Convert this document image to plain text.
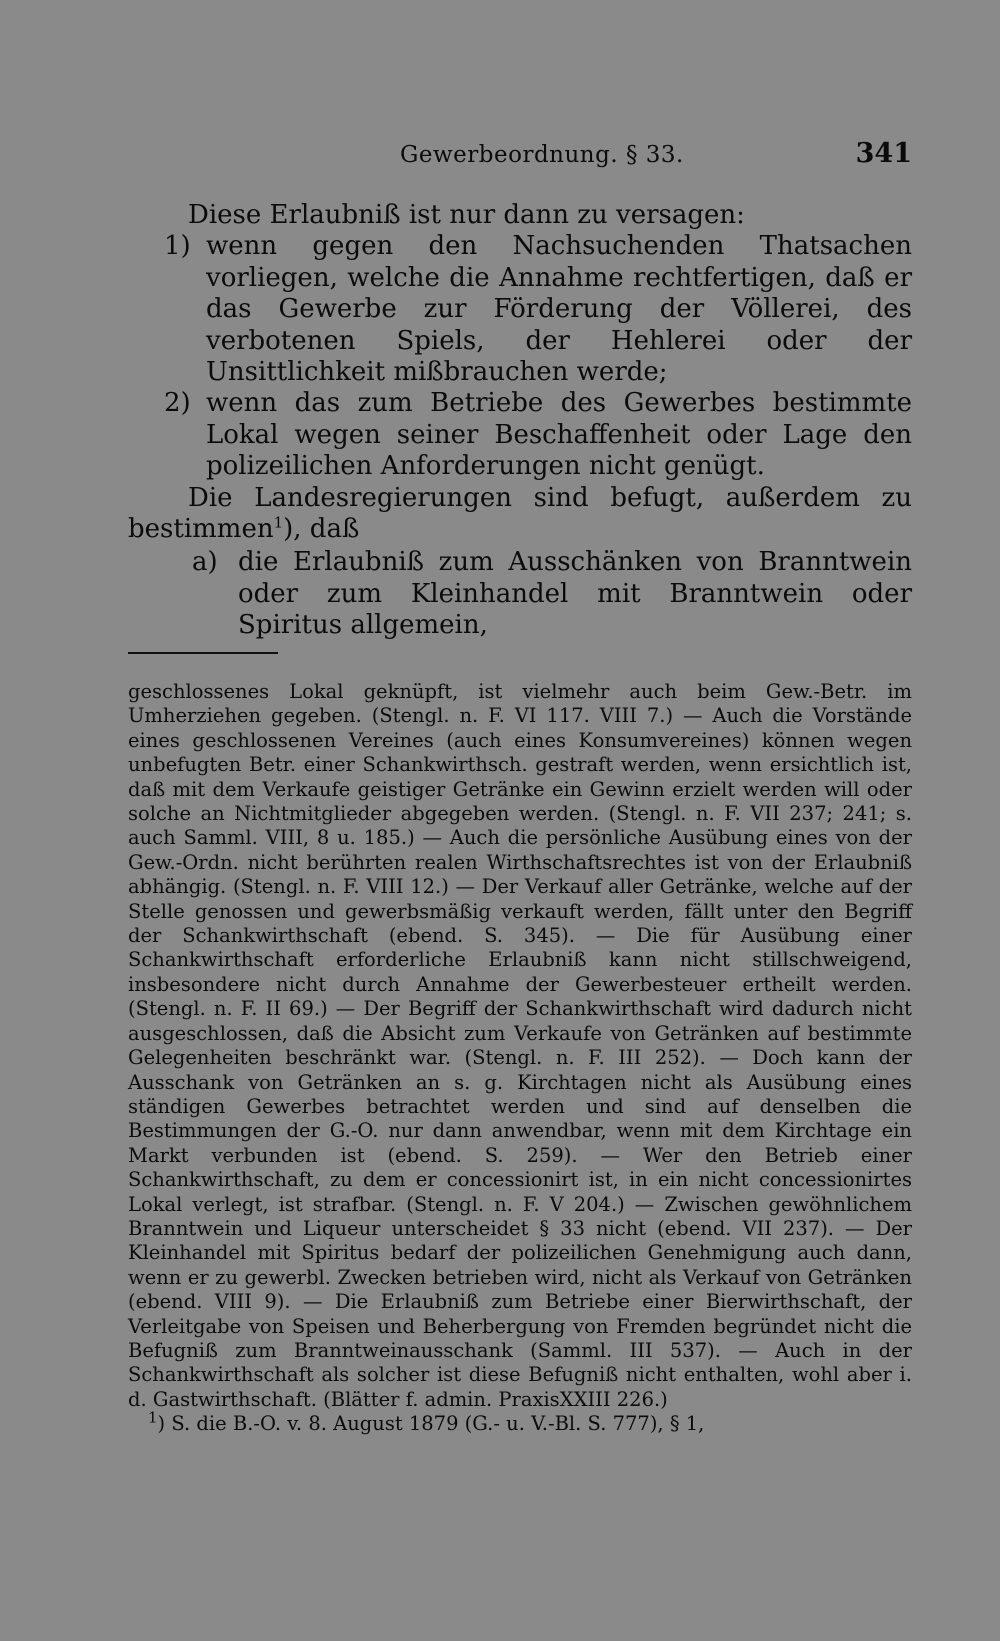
Gewerbeordnung. § 33.	341

Diese Erlaubniß ist nur dann zu versagen:

1) wenn gegen den Nachsuchenden Thatsachen vorliegen, welche die Annahme rechtfertigen, daß er das Gewerbe zur Förderung der Völlerei, des verbotenen Spiels, der Hehlerei oder der Unsittlichkeit mißbrauchen werde;
2) wenn das zum Betriebe des Gewerbes bestimmte Lokal wegen seiner Beschaffenheit oder Lage den polizeilichen Anforderungen nicht genügt.

Die Landesregierungen sind befugt, außerdem zu bestimmen$^1$), daß

a) die Erlaubniß zum Ausschänken von Branntwein oder zum Kleinhandel mit Branntwein oder Spiritus allgemein,

geschlossenes Lokal geknüpft, ist vielmehr auch beim Gew.-Betr. im Umherziehen gegeben. (Stengl. n. F. VI 117. VIII 7.) — Auch die Vorstände eines geschlossenen Vereines (auch eines Konsumvereines) können wegen unbefugten Betr. einer Schankwirthsch. gestraft werden, wenn ersichtlich ist, daß mit dem Verkaufe geistiger Getränke ein Gewinn erzielt werden will oder solche an Nichtmitglieder abgegeben werden. (Stengl. n. F. VII 237; 241; s. auch Samml. VIII, 8 u. 185.) — Auch die persönliche Ausübung eines von der Gew.-Ordn. nicht berührten realen Wirthschaftsrechtes ist von der Erlaubniß abhängig. (Stengl. n. F. VIII 12.) — Der Verkauf aller Getränke, welche auf der Stelle genossen und gewerbsmäßig verkauft werden, fällt unter den Begriff der Schankwirthschaft (ebend. S. 345). — Die für Ausübung einer Schankwirthschaft erforderliche Erlaubniß kann nicht stillschweigend, insbesondere nicht durch Annahme der Gewerbesteuer ertheilt werden. (Stengl. n. F. II 69.) — Der Begriff der Schankwirthschaft wird dadurch nicht ausgeschlossen, daß die Absicht zum Verkaufe von Getränken auf bestimmte Gelegenheiten beschränkt war. (Stengl. n. F. III 252). — Doch kann der Ausschank von Getränken an s. g. Kirchtagen nicht als Ausübung eines ständigen Gewerbes betrachtet werden und sind auf denselben die Bestimmungen der G.-O. nur dann anwendbar, wenn mit dem Kirchtage ein Markt verbunden ist (ebend. S. 259). — Wer den Betrieb einer Schankwirthschaft, zu dem er concessionirt ist, in ein nicht concessionirtes Lokal verlegt, ist strafbar. (Stengl. n. F. V 204.) — Zwischen gewöhnlichem Branntwein und Liqueur unterscheidet § 33 nicht (ebend. VII 237). — Der Kleinhandel mit Spiritus bedarf der polizeilichen Genehmigung auch dann, wenn er zu gewerbl. Zwecken betrieben wird, nicht als Verkauf von Getränken (ebend. VIII 9). — Die Erlaubniß zum Betriebe einer Bierwirthschaft, der Verleitgabe von Speisen und Beherbergung von Fremden begründet nicht die Befugniß zum Branntweinausschank (Samml. III 537). — Auch in der Schankwirthschaft als solcher ist diese Befugniß nicht enthalten, wohl aber i. d. Gastwirthschaft. (Blätter f. admin. PraxisXXIII 226.)

$^1$) S. die B.-O. v. 8. August 1879 (G.- u. V.-Bl. S. 777), § 1,
